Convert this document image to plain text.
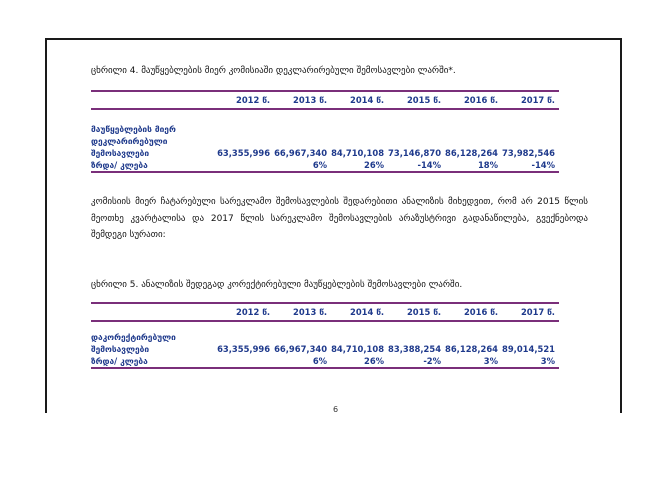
ცხრილი 4. მაუწყებლების მიერ კომისიაში დეკლარირებული შემოსავლები ლარში*.
	2012 წ.	2013 წ.	2014 წ.	2015 წ.	2016 წ.	2017 წ.

მაუწყებლების მიერ						
დეკლარირებული						
შემოსავლები	63,355,996	66,967,340	84,710,108	73,146,870	86,128,264	73,982,546
ზრდა/ კლება		6%	26%	-14%	18%	-14%
კომისიის მიერ ჩატარებული სარეკლამო შემოსავლების შედარებითი ანალიზის მიხედვით, რომ არ 2015 წლის მეოთხე კვარტალისა და 2017 წლის სარეკლამო შემოსავლების არაზუსტრივი გადანაწილება, გვექნებოდა შემდეგი სურათი:
ცხრილი 5. ანალიზის შედეგად კორექტირებული მაუწყებლების შემოსავლები ლარში.
	2012 წ.	2013 წ.	2014 წ.	2015 წ.	2016 წ.	2017 წ.

დაკორექტირებული						
შემოსავლები	63,355,996	66,967,340	84,710,108	83,388,254	86,128,264	89,014,521
ზრდა/ კლება		6%	26%	-2%	3%	3%
6
